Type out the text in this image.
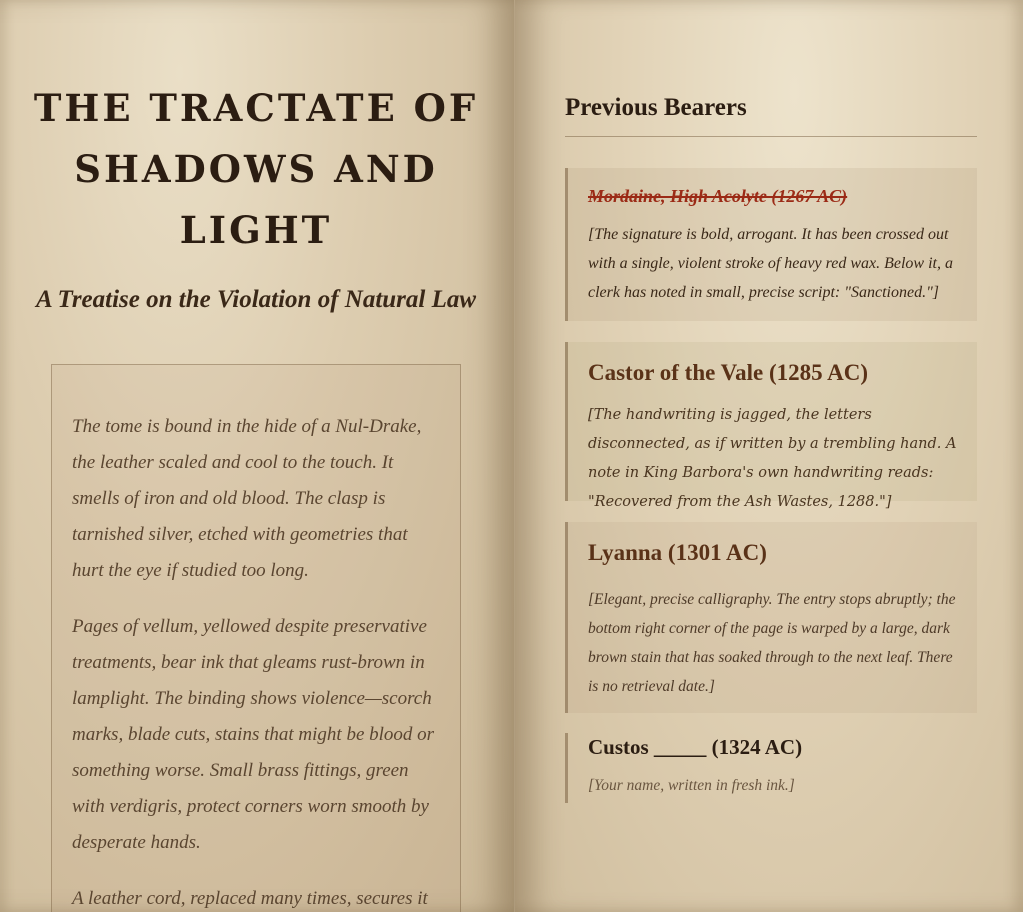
THE TRACTATE OF SHADOWS AND LIGHT
A Treatise on the Violation of Natural Law

The tome is bound in the hide of a Nul-Drake, the leather scaled and cool to the touch. It smells of iron and old blood. The clasp is tarnished silver, etched with geometries that hurt the eye if studied too long.

Pages of vellum, yellowed despite preservative treatments, bear ink that gleams rust-brown in lamplight. The binding shows violence—scorch marks, blade cuts, stains that might be blood or something worse. Small brass fittings, green with verdigris, protect corners worn smooth by desperate hands.

A leather cord, replaced many times, secures it

Previous Bearers

Mordaine, High Acolyte (1267 AC)

[The signature is bold, arrogant. It has been crossed out with a single, violent stroke of heavy red wax. Below it, a clerk has noted in small, precise script: "Sanctioned."]

Castor of the Vale (1285 AC)

[The handwriting is jagged, the letters disconnected, as if written by a trembling hand. A note in King Barbora's own handwriting reads: "Recovered from the Ash Wastes, 1288."]

Lyanna (1301 AC)

[Elegant, precise calligraphy. The entry stops abruptly; the bottom right corner of the page is warped by a large, dark brown stain that has soaked through to the next leaf. There is no retrieval date.]

Custos _____ (1324 AC)

[Your name, written in fresh ink.]
